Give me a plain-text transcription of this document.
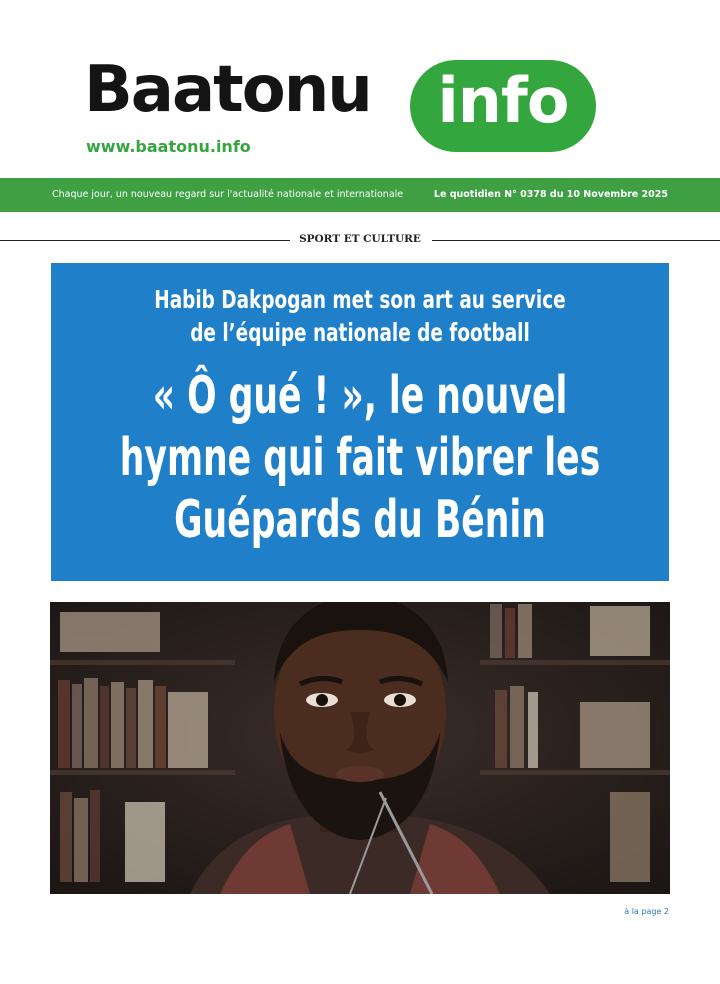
Baatonu	info
www.baatonu.info
Chaque jour, un nouveau regard sur l'actualité nationale et internationale	Le quotidien N° 0378 du 10 Novembre 2025
SPORT ET CULTURE
Habib Dakpogan met son art au service
de l’équipe nationale de football
« Ô gué ! », le nouvel
hymne qui fait vibrer les
Guépards du Bénin
à la page 2
